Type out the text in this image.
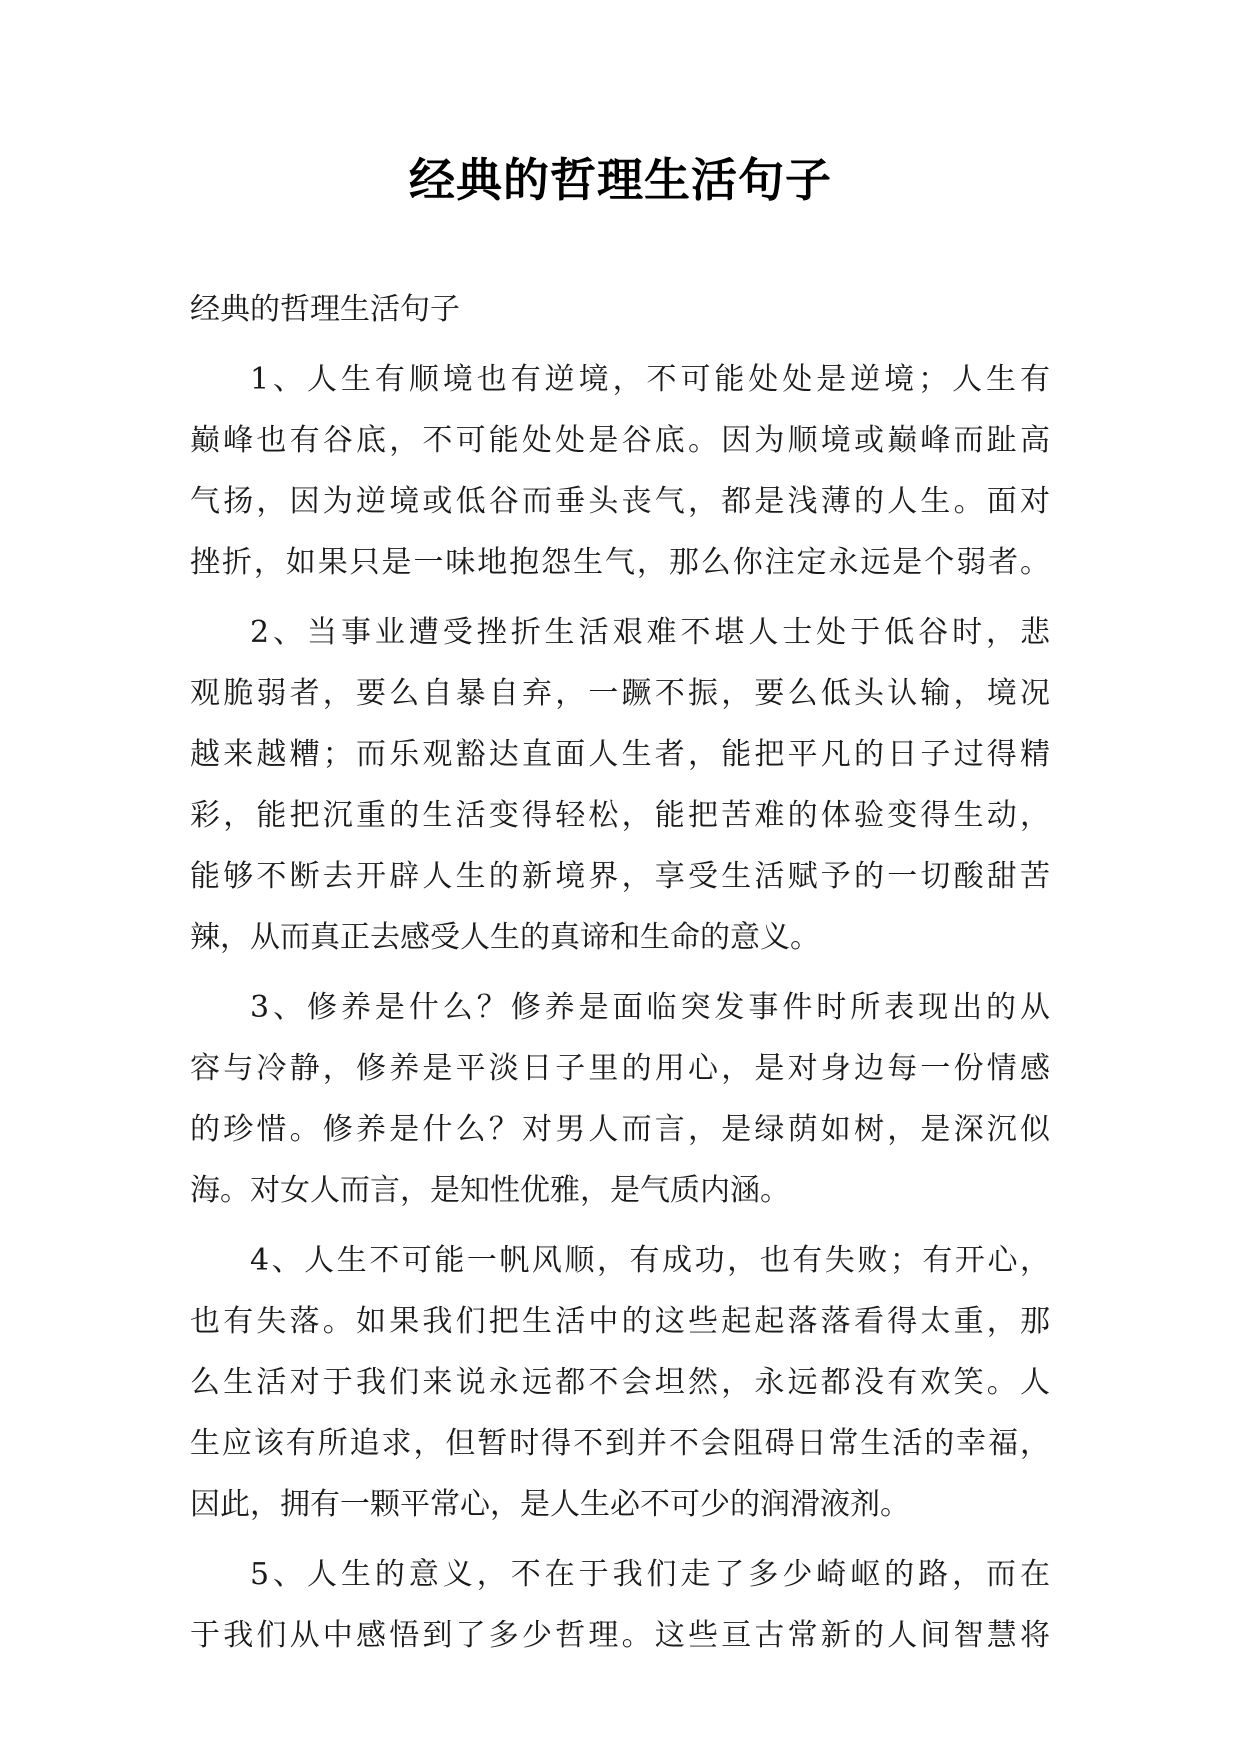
经典的哲理生活句子
经典的哲理生活句子
1、人生有顺境也有逆境，不可能处处是逆境；人生有
巅峰也有谷底，不可能处处是谷底。因为顺境或巅峰而趾高
气扬，因为逆境或低谷而垂头丧气，都是浅薄的人生。面对
挫折，如果只是一味地抱怨生气，那么你注定永远是个弱者。
2、当事业遭受挫折生活艰难不堪人士处于低谷时，悲
观脆弱者，要么自暴自弃，一蹶不振，要么低头认输，境况
越来越糟；而乐观豁达直面人生者，能把平凡的日子过得精
彩，能把沉重的生活变得轻松，能把苦难的体验变得生动，
能够不断去开辟人生的新境界，享受生活赋予的一切酸甜苦
辣，从而真正去感受人生的真谛和生命的意义。
3、修养是什么？修养是面临突发事件时所表现出的从
容与冷静，修养是平淡日子里的用心，是对身边每一份情感
的珍惜。修养是什么？对男人而言，是绿荫如树，是深沉似
海。对女人而言，是知性优雅，是气质内涵。
4、人生不可能一帆风顺，有成功，也有失败；有开心，
也有失落。如果我们把生活中的这些起起落落看得太重，那
么生活对于我们来说永远都不会坦然，永远都没有欢笑。人
生应该有所追求，但暂时得不到并不会阻碍日常生活的幸福，
因此，拥有一颗平常心，是人生必不可少的润滑液剂。
5、人生的意义，不在于我们走了多少崎岖的路，而在
于我们从中感悟到了多少哲理。这些亘古常新的人间智慧将
